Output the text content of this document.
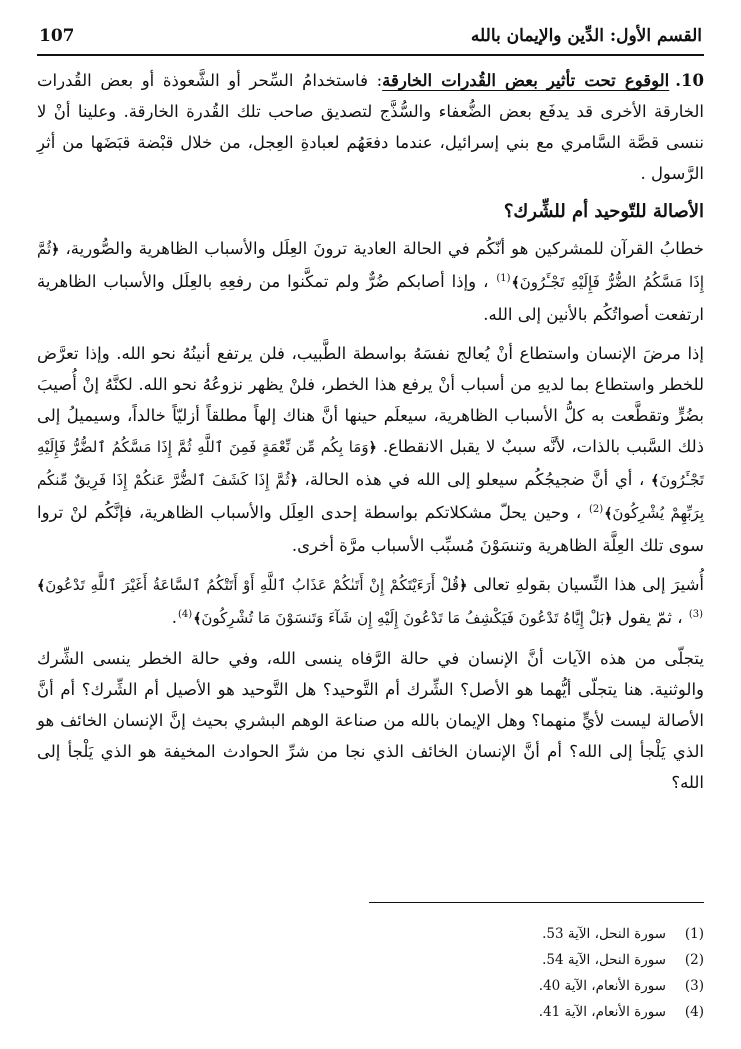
القسم الأول: الدِّين والإيمان بالله
107

10.الوقوع تحت تأثير بعض القُدرات الخارقة: فاستخدامُ السِّحر أو الشَّعوذة أو بعض القُدرات الخارقة الأخرى قد يدفَع بعض الضُّعفاء والسُّذَّج لتصديق صاحب تلك القُدرة الخارقة. وعلينا أنْ لا ننسى قصَّة السَّامري مع بني إسرائيل، عندما دفعَهُم لعبادةِ العِجل، من خلال قبْضة قبَضَها من أثرِ الرَّسول .

الأصالة للتّوحيد أم للشِّرك؟

خطابُ القرآن للمشركين هو أنّكُم في الحالة العادية ترونَ العِلَل والأسباب الظاهرية والصُّورية، ﴿ثُمَّ إِذَا مَسَّكُمُ الضُّرُّ فَإِلَيْهِ تَجْـَٔرُونَ﴾(1) ، وإذا أصابكم ضُرٌّ ولم تمكَّنوا من رفعِهِ بالعِلَل والأسباب الظاهرية ارتفعت أصواتُكُم بالأنين إلى الله.

إذا مرضَ الإنسان واستطاع أنْ يُعالج نفسَهُ بواسطة الطَّبيب، فلن يرتفع أنينُهُ نحو الله. وإذا تعرَّض للخطر واستطاع بما لديهِ من أسباب أنْ يرفع هذا الخطر، فلنْ يظهر نزوعُهُ نحو الله. لكنَّهُ إنْ أُصيبَ بضُرٍّ وتقطَّعت به كلُّ الأسباب الظاهرية، سيعلَم حينها أنَّ هناك إلهاً مطلقاً أزليّاً خالداً، وسيميلُ إلى ذلك السَّبب بالذات، لأنَّه سببٌ لا يقبل الانقطاع. ﴿وَمَا بِكُم مِّن نِّعْمَةٍ فَمِنَ ٱللَّهِ ثُمَّ إِذَا مَسَّكُمُ ٱلضُّرُّ فَإِلَيْهِ تَجْـَٔرُونَ﴾ ، أي أنَّ ضجيجُكُم سيعلو إلى الله في هذه الحالة، ﴿ثُمَّ إِذَا كَشَفَ ٱلضُّرَّ عَنكُمْ إِذَا فَرِيقٌ مِّنكُم بِرَبِّهِمْ يُشْرِكُونَ﴾(2) ، وحين يحلّ مشكلاتكم بواسطة إحدى العِلَل والأسباب الظاهرية، فإنَّكُم لنْ تروا سوى تلك العِلَّة الظاهرية وتنسَوْنَ مُسبِّب الأسباب مرَّة أخرى.

أُشيرَ إلى هذا النِّسيان بقولهِ تعالى ﴿قُلْ أَرَءَيْتَكُمْ إِنْ أَتَىٰكُمْ عَذَابُ ٱللَّهِ أَوْ أَتَتْكُمُ ٱلسَّاعَةُ أَغَيْرَ ٱللَّهِ تَدْعُونَ﴾(3) ، ثمّ يقول ﴿بَلْ إِيَّاهُ تَدْعُونَ فَيَكْشِفُ مَا تَدْعُونَ إِلَيْهِ إِن شَآءَ وَتَنسَوْنَ مَا تُشْرِكُونَ﴾(4).

يتجلّى من هذه الآيات أنَّ الإنسان في حالة الرَّفاه ينسى الله، وفي حالة الخطر ينسى الشِّرك والوثنية. هنا يتجلّى أيُّهما هو الأصل؟ الشِّرك أم التَّوحيد؟ هل التَّوحيد هو الأصيل أم الشِّرك؟ أم أنَّ الأصالة ليست لأيٍّ منهما؟ وهل الإيمان بالله من صناعة الوهم البشري بحيث إنَّ الإنسان الخائف هو الذي يَلْجأ إلى الله؟ أم أنَّ الإنسان الخائف الذي نجا من شرِّ الحوادث المخيفة هو الذي يَلْجأ إلى الله؟

(1)
سورة النحل، الآية 53.
(2)
سورة النحل، الآية 54.
(3)
سورة الأنعام، الآية 40.
(4)
سورة الأنعام، الآية 41.
